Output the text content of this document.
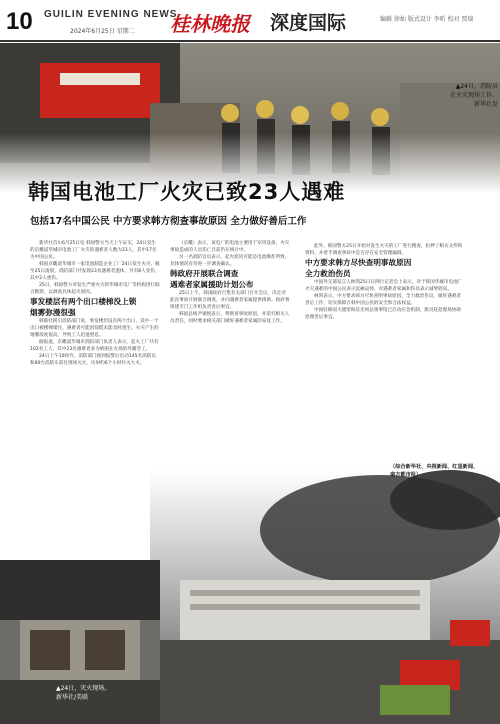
10 GUILIN EVENING NEWS
2024年6月25日 星期二 桂林晚报 深度国际	编辑 徐灿 版式设计 李昕 校对 贾瑞
▲24日，消防员
在火灾现场工作。
新华社发
韩国电池工厂火灾已致23人遇难
包括17名中国公民 中方要求韩方彻查事故原因 全力做好善后工作
▲24日，灾火现场。
新华社/美联

新华社首尔6月25日电 韩国警方当天上午证实，24日发生的京畿道华城市电池工厂火灾的遇难者人数为23人，其中17名为中国公民。

韩国京畿道华城市一家电池制造企业工厂24日发生火灾。截至25日凌晨，消防部门共发现23具遇难者遗体，另有8人受伤，其中2人重伤。

25日，韩国警方对发生严重火灾的华城市电厂等机构进行联合勘察，以调查具体起火原因。

事发楼层有两个出口楼梯没上锁
烟雾弥漫很强

韩联社援引消防部门说，事发楼层设有两个出口，其中一个出口被楼梯堵住，遇难者可能因惊慌未能及时逃生。火灾产生的烟雾浓度很高，导致工人迅速窒息。

据报道，京畿道华城市消防部门负责人表示，起火工厂共有102名工人，其中23名遇难者多为被困在火场的外籍劳工。

24日上午10时许，消防部门接到报警后出动145名消防员和60台消防车前往现场灭火，历时约6个小时扑灭大火。

（京畿）表示，该电厂的电池主要用于军用设备，火灾事故造成的人员伤亡目前仍在统计中。

另一名消防官员表示，起火原因可能是电池爆炸所致，具体情况有待进一步调查确认。

韩政府开展联合调查
遇难者家属援助计划公布

25日上午，韩国政府召集有关部门召开会议，决定对此次事故开展联合调查，并向遇难者家属提供援助。政府将组建专门工作组负责善后事宜。

韩国总统尹锡悦表示，将彻查事故原因，并追究相关人员责任，同时要求相关部门做好遇难者家属的安抚工作。

此外，韩国警方25日开始对发生火灾的工厂进行搜查，扣押了相关文件和资料，并着手调查事故中是否存在安全管理漏洞。

中方要求韩方尽快查明事故原因
全力救治伤员

中国外交部发言人林剑25日在例行记者会上表示，对于韩国华城市电池厂火灾遇难的中国公民表示沉痛哀悼，对遇难者家属和伤员表示诚挚慰问。

林剑表示，中方要求韩方尽快查明事故原因，全力救治伤员，做好遇难者善后工作，切实保障在韩中国公民的安全和合法权益。

中国驻韩国大使馆和驻光州总领事馆已启动应急机制，派员赶赴现场协助处理善后事宜。

（综合新华社、央视新闻、红星新闻、南方都市报）
